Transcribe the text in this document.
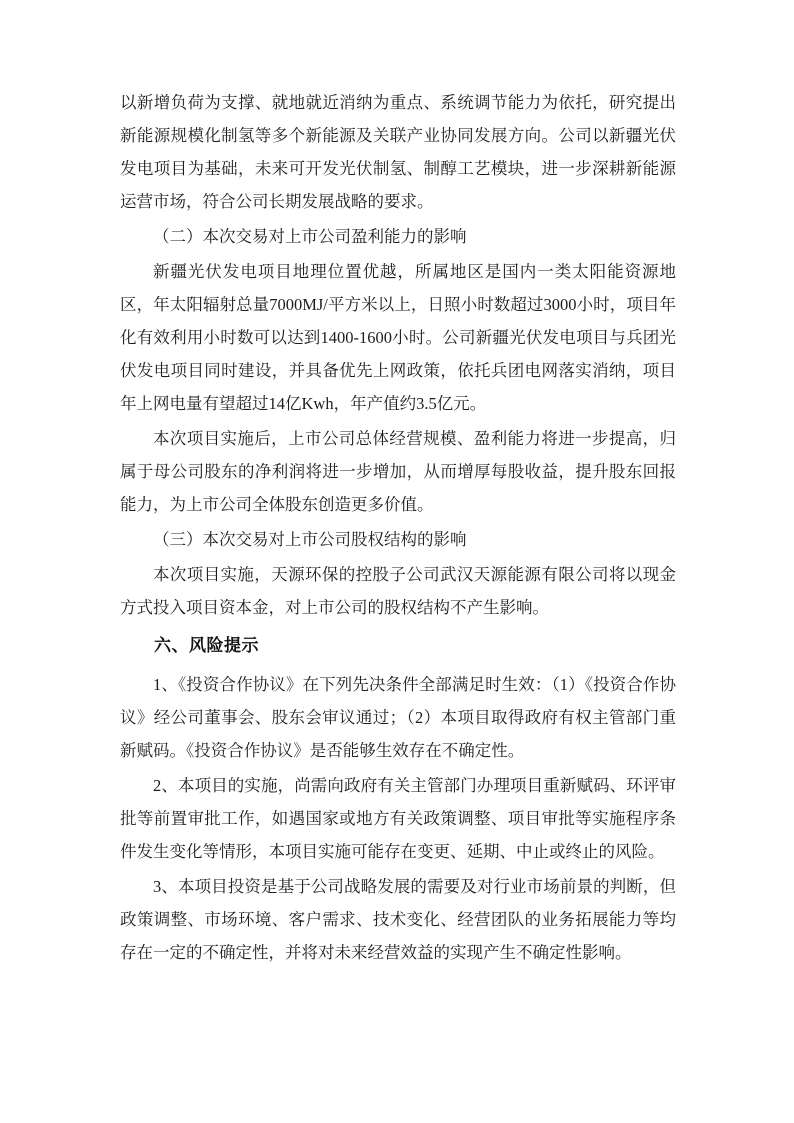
以新增负荷为支撑、就地就近消纳为重点、系统调节能力为依托，研究提出新能源规模化制氢等多个新能源及关联产业协同发展方向。公司以新疆光伏发电项目为基础，未来可开发光伏制氢、制醇工艺模块，进一步深耕新能源运营市场，符合公司长期发展战略的要求。

（二）本次交易对上市公司盈利能力的影响

新疆光伏发电项目地理位置优越，所属地区是国内一类太阳能资源地区，年太阳辐射总量7000MJ/平方米以上，日照小时数超过3000小时，项目年化有效利用小时数可以达到1400-1600小时。公司新疆光伏发电项目与兵团光伏发电项目同时建设，并具备优先上网政策，依托兵团电网落实消纳，项目年上网电量有望超过14亿Kwh，年产值约3.5亿元。

本次项目实施后，上市公司总体经营规模、盈利能力将进一步提高，归属于母公司股东的净利润将进一步增加，从而增厚每股收益，提升股东回报能力，为上市公司全体股东创造更多价值。

（三）本次交易对上市公司股权结构的影响

本次项目实施，天源环保的控股子公司武汉天源能源有限公司将以现金方式投入项目资本金，对上市公司的股权结构不产生影响。

六、风险提示

1、《投资合作协议》在下列先决条件全部满足时生效：（1）《投资合作协议》经公司董事会、股东会审议通过；（2）本项目取得政府有权主管部门重新赋码。《投资合作协议》是否能够生效存在不确定性。

2、本项目的实施，尚需向政府有关主管部门办理项目重新赋码、环评审批等前置审批工作，如遇国家或地方有关政策调整、项目审批等实施程序条件发生变化等情形，本项目实施可能存在变更、延期、中止或终止的风险。

3、本项目投资是基于公司战略发展的需要及对行业市场前景的判断，但政策调整、市场环境、客户需求、技术变化、经营团队的业务拓展能力等均存在一定的不确定性，并将对未来经营效益的实现产生不确定性影响。
